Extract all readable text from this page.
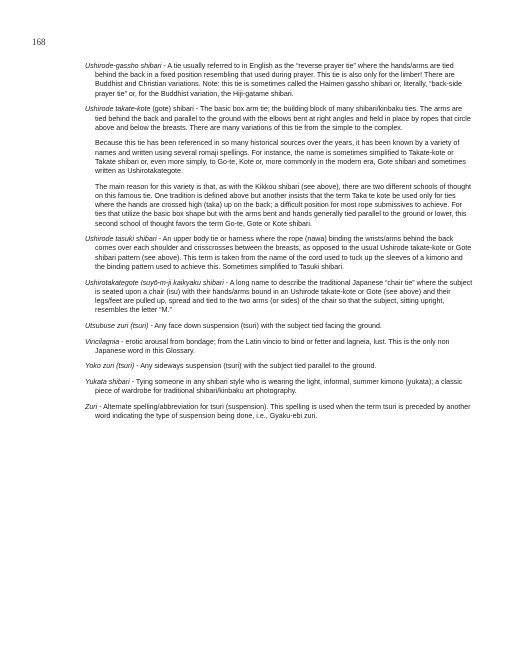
168

Ushirode-gassho shibari - A tie usually referred to in English as the “reverse prayer tie” where the hands/arms are tied behind the back in a fixed position resembling that used during prayer. This tie is also only for the limber! There are Buddhist and Christian variations. Note: this tie is sometimes called the Haimen gassho shibari or, literally, “back-side prayer tie” or, for the Buddhist variation, the Hiji-gatame shibari.

Ushirode takate-kote (gote) shibari - The basic box arm tie; the building block of many shibari/kinbaku ties. The arms are tied behind the back and parallel to the ground with the elbows bent at right angles and held in place by ropes that circle above and below the breasts. There are many variations of this tie from the simple to the complex.

Because this tie has been referenced in so many historical sources over the years, it has been known by a variety of names and written using several romaji spellings. For instance, the name is sometimes simplified to Takate-kote or Takate shibari or, even more simply, to Go-te, Kote or, more commonly in the modern era, Gote shibari and sometimes written as Ushirotakategote.

The main reason for this variety is that, as with the Kikkou shibari (see above), there are two different schools of thought on this famous tie. One tradition is defined above but another insists that the term Taka te kote be used only for ties where the hands are crossed high (taka) up on the back; a difficult position for most rope submissives to achieve. For ties that utilize the basic box shape but with the arms bent and hands generally tied parallel to the ground or lower, this second school of thought favors the term Go-te, Gote or Kote shibari.

Ushirode tasuki shibari - An upper body tie or harness where the rope (nawa) binding the wrists/arms behind the back comes over each shoulder and crisscrosses between the breasts, as opposed to the usual Ushirode takate-kote or Gote shibari pattern (see above). This term is taken from the name of the cord used to tuck up the sleeves of a kimono and the binding pattern used to achieve this. Sometimes simplified to Tasuki shibari.

Ushirotakategote Isuyō-m-ji kaikyaku shibari - A long name to describe the traditional Japanese “chair tie” where the subject is seated upon a chair (isu) with their hands/arms bound in an Ushirode takate-kote or Gote (see above) and their legs/feet are pulled up, spread and tied to the two arms (or sides) of the chair so that the subject, sitting upright, resembles the letter “M.”

Utsubuse zuri (tsuri) - Any face down suspension (tsuri) with the subject tied facing the ground.

Vincilagnia - erotic arousal from bondage; from the Latin vincio to bind or fetter and lagneia, lust. This is the only non Japanese word in this Glossary.

Yoko zuri (tsuri) - Any sideways suspension (tsuri) with the subject tied parallel to the ground.

Yukata shibari - Tying someone in any shibari style who is wearing the light, informal, summer kimono (yukata); a classic piece of wardrobe for traditional shibari/kinbaku art photography.

Zuri - Alternate spelling/abbreviation for tsuri (suspension). This spelling is used when the term tsuri is preceded by another word indicating the type of suspension being done, i.e., Gyaku-ebi zuri.
